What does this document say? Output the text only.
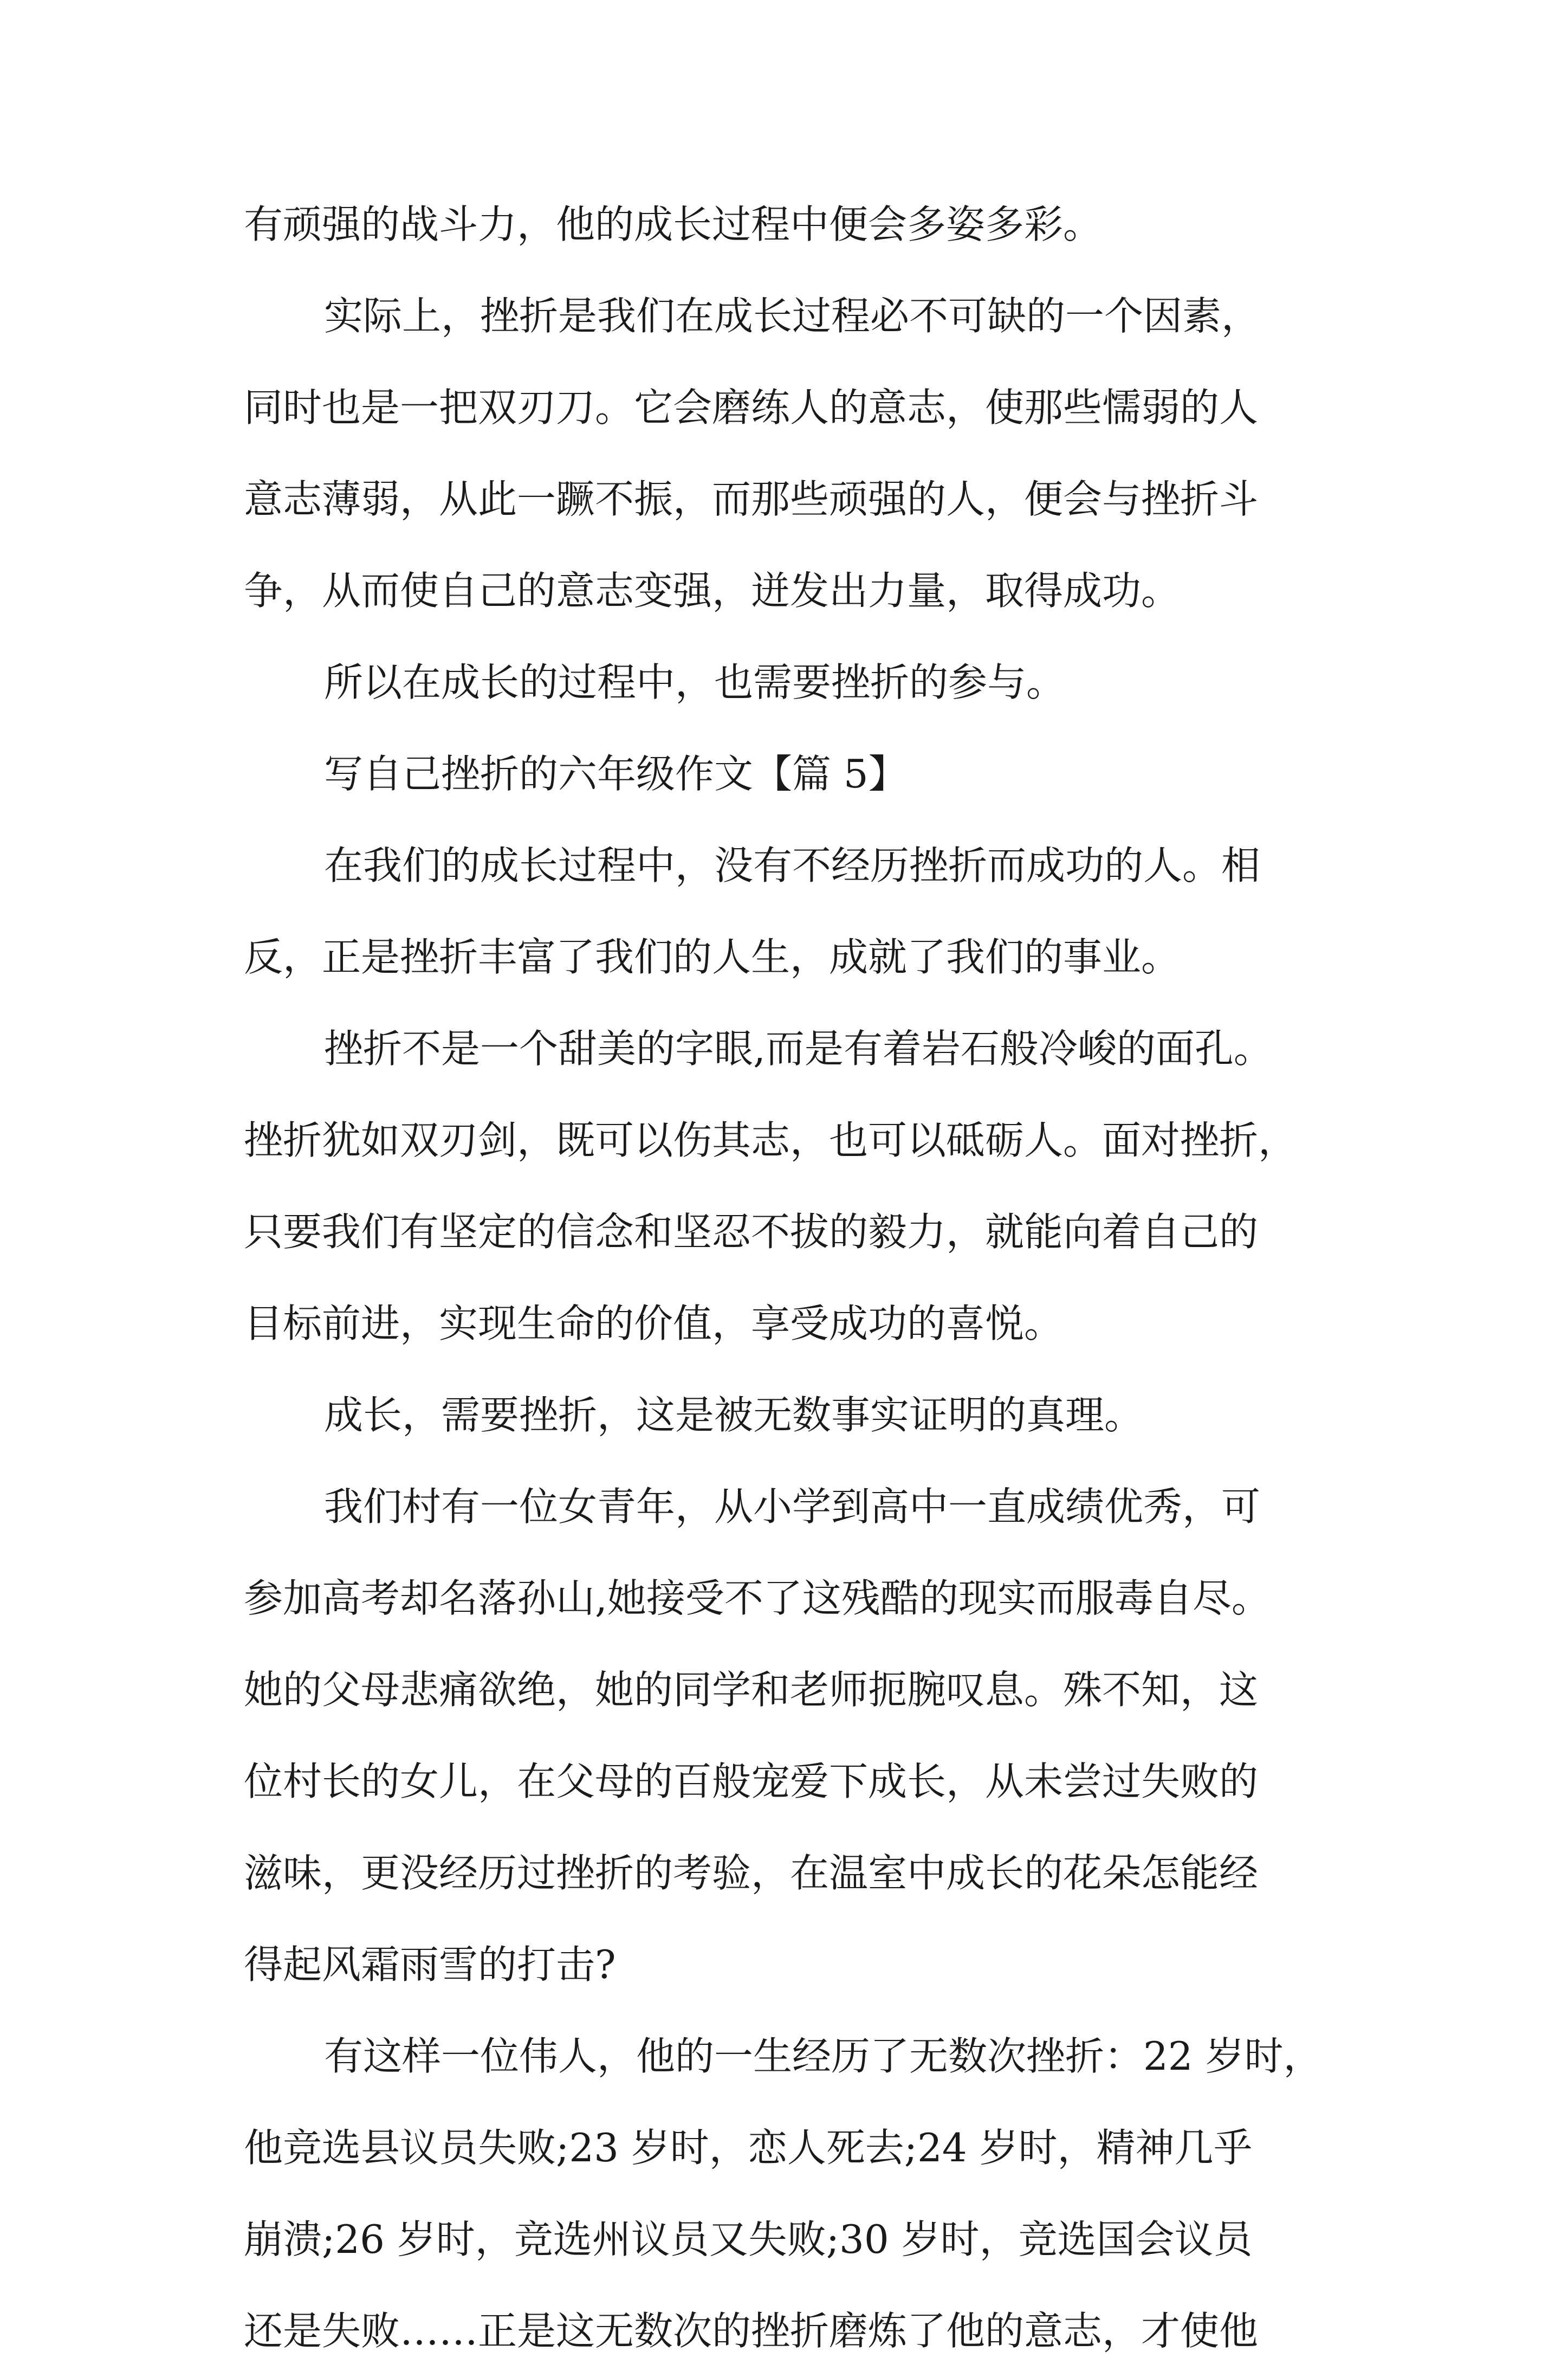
有顽强的战斗力，他的成长过程中便会多姿多彩。
实际上，挫折是我们在成长过程必不可缺的一个因素，
同时也是一把双刃刀。它会磨练人的意志，使那些懦弱的人
意志薄弱，从此一蹶不振，而那些顽强的人，便会与挫折斗
争，从而使自己的意志变强，迸发出力量，取得成功。
所以在成长的过程中，也需要挫折的参与。
写自己挫折的六年级作文【篇 5】
在我们的成长过程中，没有不经历挫折而成功的人。相
反，正是挫折丰富了我们的人生，成就了我们的事业。
挫折不是一个甜美的字眼,而是有着岩石般冷峻的面孔。
挫折犹如双刃剑，既可以伤其志，也可以砥砺人。面对挫折，
只要我们有坚定的信念和坚忍不拔的毅力，就能向着自己的
目标前进，实现生命的价值，享受成功的喜悦。
成长，需要挫折，这是被无数事实证明的真理。
我们村有一位女青年，从小学到高中一直成绩优秀，可
参加高考却名落孙山,她接受不了这残酷的现实而服毒自尽。
她的父母悲痛欲绝，她的同学和老师扼腕叹息。殊不知，这
位村长的女儿，在父母的百般宠爱下成长，从未尝过失败的
滋味，更没经历过挫折的考验，在温室中成长的花朵怎能经
得起风霜雨雪的打击?
有这样一位伟人，他的一生经历了无数次挫折：22 岁时，
他竞选县议员失败;23 岁时，恋人死去;24 岁时，精神几乎
崩溃;26 岁时，竞选州议员又失败;30 岁时，竞选国会议员
还是失败……正是这无数次的挫折磨炼了他的意志，才使他
